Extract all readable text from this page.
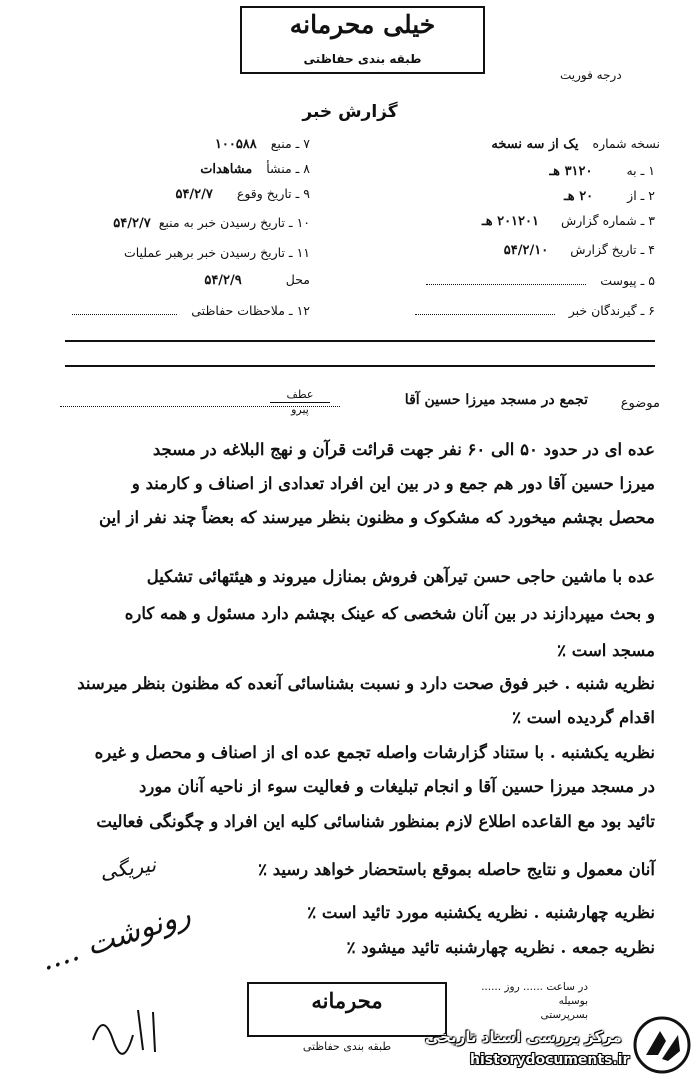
خیلی محرمانه
طبقه بندی حفاظتی
درجه فوریت
گزارش خبر
نسخه شماره یک از سه نسخه
۱ ـ به ۳۱۲۰ هـ
۲ ـ از ۲۰ هـ
۳ ـ شماره گزارش ۲۰۱۲۰۱ هـ
۴ ـ تاریخ گزارش ۵۴/۲/۱۰
۵ ـ پیوست
۶ ـ گیرندگان خبر
۷ ـ منبع ۱۰۰۵۸۸
۸ ـ منشأ مشاهدات
۹ ـ تاریخ وقوع ۵۴/۲/۷
۱۰ ـ تاریخ رسیدن خبر به منبع ۵۴/۲/۷
۱۱ ـ تاریخ رسیدن خبر برهبر عملیات
محل ۵۴/۲/۹
۱۲ ـ ملاحظات حفاظتی
موضوع
تجمع در مسجد میرزا حسین آقا
عطف
پیرو
عده ای در حدود ۵۰ الی ۶۰ نفر جهت قرائت قرآن و نهج البلاغه در مسجد
میرزا حسین آقا دور هم جمع و در بین این افراد تعدادی از اصناف و کارمند و
محصل بچشم میخورد که مشکوک و مظنون بنظر میرسند که بعضاً چند نفر از این
عده با ماشین حاجی حسن تیرآهن فروش بمنازل میروند و هیئتهائی تشکیل
و بحث میپردازند در بین آنان شخصی که عینک بچشم دارد مسئول و همه کاره
مسجد است ٪
نظریه شنبه . خبر فوق صحت دارد و نسبت بشناسائی آنعده که مظنون بنظر میرسند
اقدام گردیده است ٪
نظریه یکشنبه . با ستناد گزارشات واصله تجمع عده ای از اصناف و محصل و غیره
در مسجد میرزا حسین آقا و انجام تبلیغات و فعالیت سوء از ناحیه آنان مورد
تائید بود مع القاعده اطلاع لازم بمنظور شناسائی کلیه این افراد و چگونگی فعالیت
آنان معمول و نتایج حاصله بموقع باستحضار خواهد رسید ٪
نظریه چهارشنبه . نظریه یکشنبه مورد تائید است ٪
نظریه جمعه . نظریه چهارشنبه تائید میشود ٪
نیریگی
رونوشت ....
محرمانه
طبقه بندی حفاظتی
در ساعت ...... روز ......
بوسیله
بسرپرستی
مرکز بررسی اسناد تاریخی
historydocuments.ir
